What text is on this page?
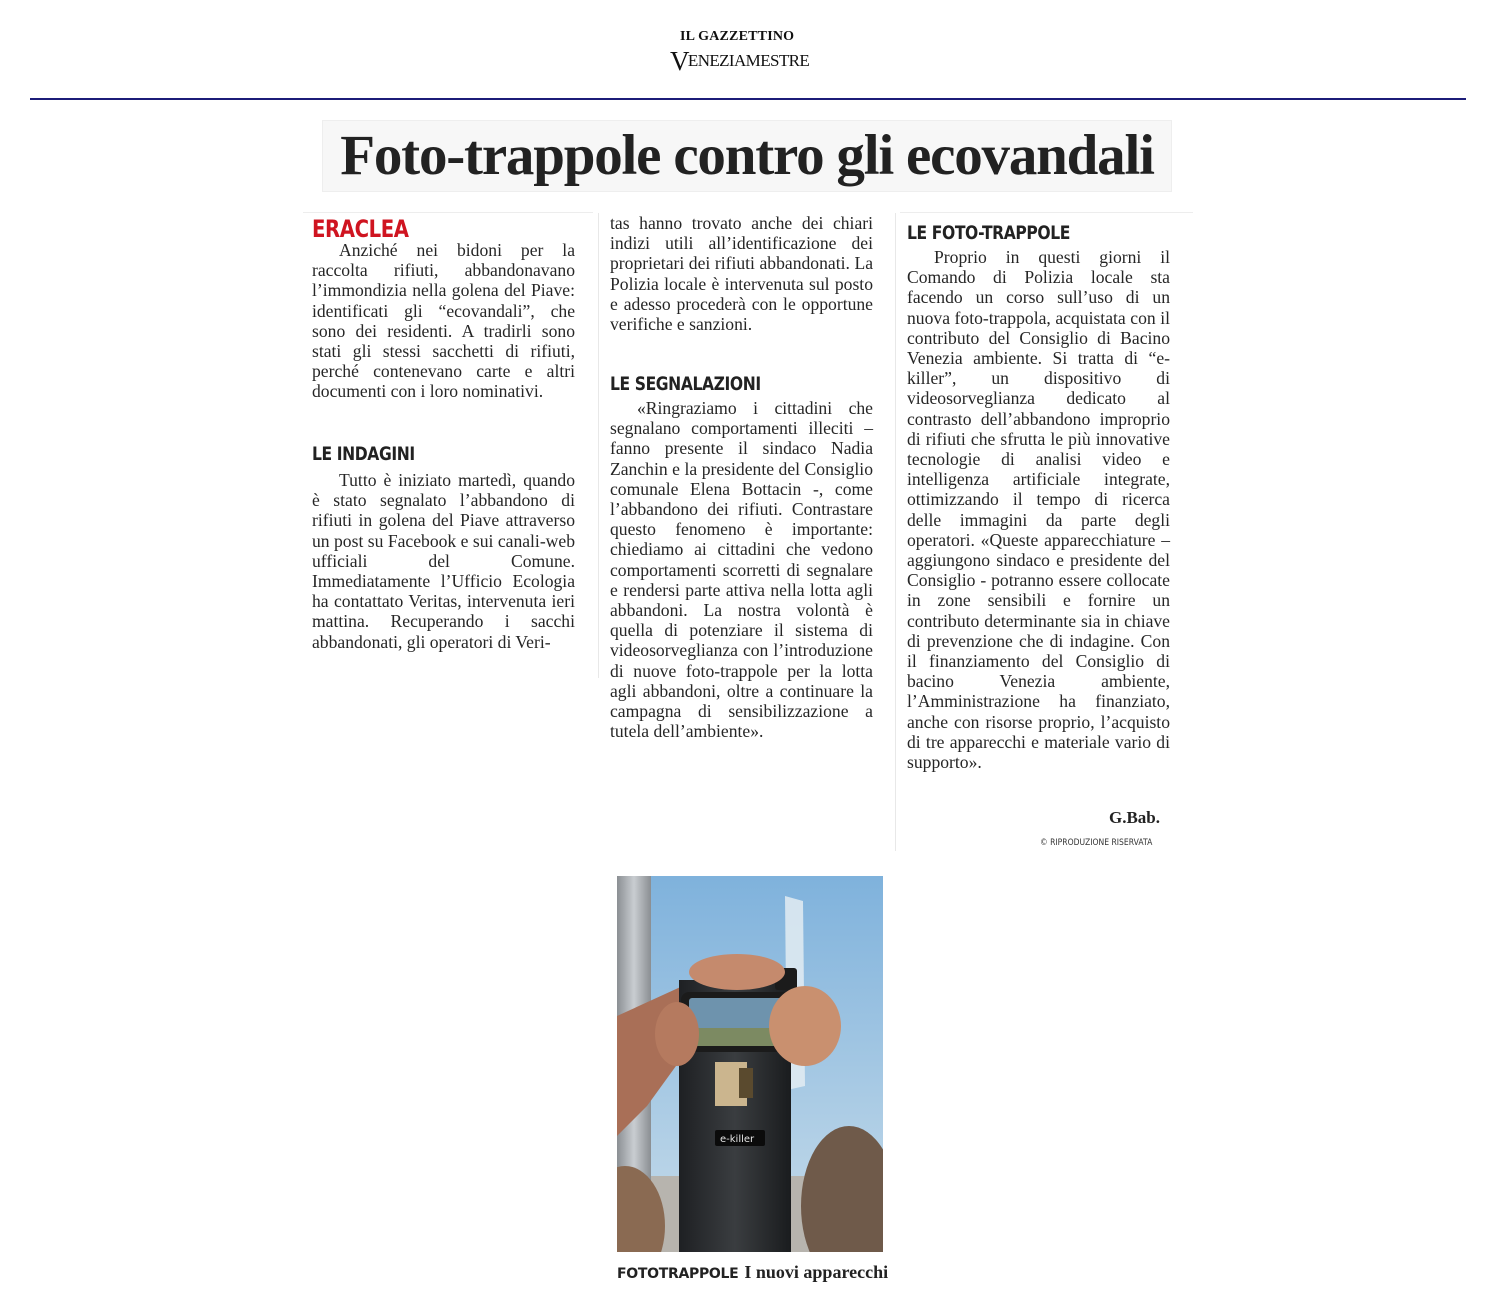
IL GAZZETTINO
VENEZIAMESTRE
Foto-trappole contro gli ecovandali
ERACLEA

Anziché nei bidoni per la raccolta rifiuti, abbandonavano l’immondizia nella golena del Piave: identificati gli “ecovandali”, che sono dei residenti. A tradirli sono stati gli stessi sacchetti di rifiuti, perché contenevano carte e altri documenti con i loro nominativi.

LE INDAGINI

Tutto è iniziato martedì, quando è stato segnalato l’abbandono di rifiuti in golena del Piave attraverso un post su Facebook e sui canali-web ufficiali del Comune. Immediatamente l’Ufficio Ecologia ha contattato Veritas, intervenuta ieri mattina. Recuperando i sacchi abbandonati, gli operatori di Veri-

tas hanno trovato anche dei chiari indizi utili all’identificazione dei proprietari dei rifiuti abbandonati. La Polizia locale è intervenuta sul posto e adesso procederà con le opportune verifiche e sanzioni.

LE SEGNALAZIONI

«Ringraziamo i cittadini che segnalano comportamenti illeciti – fanno presente il sindaco Nadia Zanchin e la presidente del Consiglio comunale Elena Bottacin -, come l’abbandono dei rifiuti. Contrastare questo fenomeno è importante: chiediamo ai cittadini che vedono comportamenti scorretti di segnalare e rendersi parte attiva nella lotta agli abbandoni. La nostra volontà è quella di potenziare il sistema di videosorveglianza con l’introduzione di nuove foto-trappole per la lotta agli abbandoni, oltre a continuare la campagna di sensibilizzazione a tutela dell’ambiente».

LE FOTO-TRAPPOLE

Proprio in questi giorni il Comando di Polizia locale sta facendo un corso sull’uso di un nuova foto-trappola, acquistata con il contributo del Consiglio di Bacino Venezia ambiente. Si tratta di “e-killer”, un dispositivo di videosorveglianza dedicato al contrasto dell’abbandono improprio di rifiuti che sfrutta le più innovative tecnologie di analisi video e intelligenza artificiale integrate, ottimizzando il tempo di ricerca delle immagini da parte degli operatori. «Queste apparecchiature – aggiungono sindaco e presidente del Consiglio - potranno essere collocate in zone sensibili e fornire un contributo determinante sia in chiave di prevenzione che di indagine. Con il finanziamento del Consiglio di bacino Venezia ambiente, l’Amministrazione ha finanziato, anche con risorse proprio, l’acquisto di tre apparecchi e materiale vario di supporto».

G.Bab.
© RIPRODUZIONE RISERVATA
e-killer
FOTOTRAPPOLE I nuovi apparecchi
